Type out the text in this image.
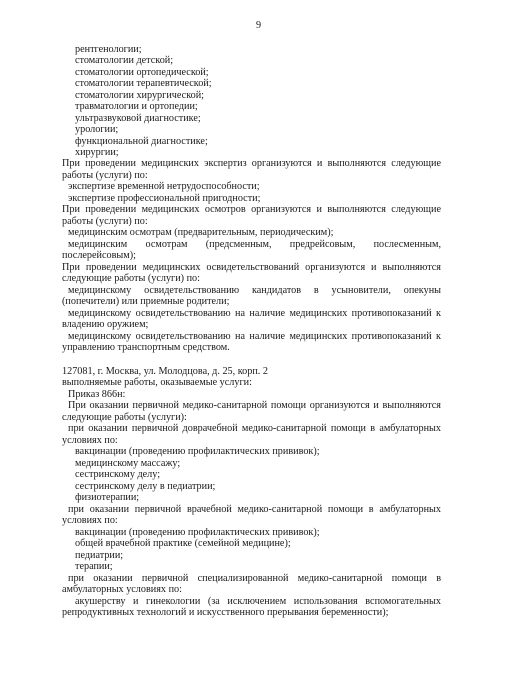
9
рентгенологии;
стоматологии детской;
стоматологии ортопедической;
стоматологии терапевтической;
стоматологии хирургической;
травматологии и ортопедии;
ультразвуковой диагностике;
урологии;
функциональной диагностике;
хирургии;
При проведении медицинских экспертиз организуются и выполняются следующие
работы (услуги) по:
экспертизе временной нетрудоспособности;
экспертизе профессиональной пригодности;
При проведении медицинских осмотров организуются и выполняются следующие
работы (услуги) по:
медицинским осмотрам (предварительным, периодическим);
медицинским осмотрам (предсменным, предрейсовым, послесменным,
послерейсовым);
При проведении медицинских освидетельствований организуются и выполняются
следующие работы (услуги) по:
медицинскому освидетельствованию кандидатов в усыновители, опекуны
(попечители) или приемные родители;
медицинскому освидетельствованию на наличие медицинских противопоказаний к
владению оружием;
медицинскому освидетельствованию на наличие медицинских противопоказаний к
управлению транспортным средством.
127081, г. Москва, ул. Молодцова, д. 25, корп. 2
выполняемые работы, оказываемые услуги:
Приказ 866н:
При оказании первичной медико-санитарной помощи организуются и выполняются
следующие работы (услуги):
при оказании первичной доврачебной медико-санитарной помощи в амбулаторных
условиях по:
вакцинации (проведению профилактических прививок);
медицинскому массажу;
сестринскому делу;
сестринскому делу в педиатрии;
физиотерапии;
при оказании первичной врачебной медико-санитарной помощи в амбулаторных
условиях по:
вакцинации (проведению профилактических прививок);
общей врачебной практике (семейной медицине);
педиатрии;
терапии;
при оказании первичной специализированной медико-санитарной помощи в
амбулаторных условиях по:
акушерству и гинекологии (за исключением использования вспомогательных
репродуктивных технологий и искусственного прерывания беременности);
